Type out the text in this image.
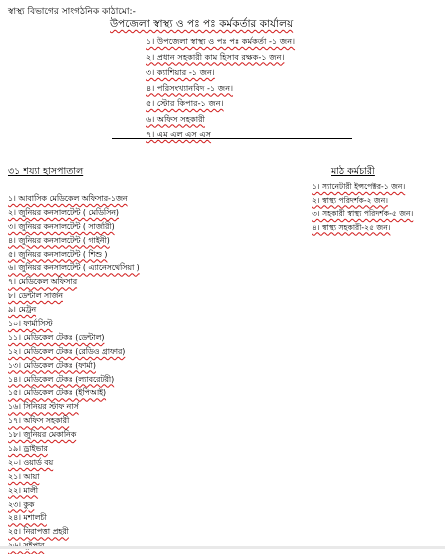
স্বাস্থ্য বিভাগের সাংগঠনিক কাঠামো:-
উপজেলা স্বাস্থ্য ও পঃ পঃ কর্মকর্তার কার্যালয়
১। উপজেলা স্বাস্থ্য ও পঃ পঃ কর্মকর্তা -১ জন।
২। প্রধান সহকারী কাম হিসাব রক্ষক-১ জন।
৩। ক্যাশিয়ার -১ জন।
৪। পরিসংখ্যানবিদ -১ জন।
৫। স্টোর কিপার-১ জন।
৬। অফিস সহকারী
৭। এম এল এস এস
৩১ শয্যা হাসপাতাল	মাঠ কর্মচারী
১। স্যানেটারী ইন্সপেক্টর-১ জন।
২। স্বাস্থ্য পরিদর্শক-২ জন।
৩। সহকারী স্বাস্থ্য পরিদর্শক-৫ জন।
৪। স্বাস্থ্য সহকারী-২৫ জন।
১। আবাসিক মেডিকেল অফিসার-১জন
২। জুনিয়র কনসালটেন্ট ( মেডিসিন)
৩। জুনিয়র কনসালটেন্ট ( সার্জারী)
৪। জুনিয়র কনসালটেন্ট ( গাইনী)
৫। জুনিয়র কনসালটেন্ট ( শিশু )
৬। জুনিয়র কনসালটেন্ট ( এ্যানেসথেসিয়া )
৭। মেডিকেল অফিসার
৮। ডেন্টাল সার্জন
৯। মেট্রন
১০। ফার্মাসিস্ট
১১। মেডিকেল টেকঃ (ডেন্টাল)
১২। মেডিকেল টেকঃ (রেডিও গ্রাফার)
১৩। মেডিকেল টেকঃ (ফার্মা)
১৪। মেডিকেল টেকঃ (ল্যাবরেটরী)
১৫। মেডিকেল টেকঃ (ইপিআই)
১৬। সিনিয়র স্টাফ নার্স
১৭। অফিস সহকারী
১৮। জুনিয়র মেকানিক
১৯। ড্রাইভার
২০। ওয়ার্ড বয়
২১। আয়া
২২। মালী
২৩। কুক
২৪। মশালচী
২৫। নিরাপত্তা প্রহরী
